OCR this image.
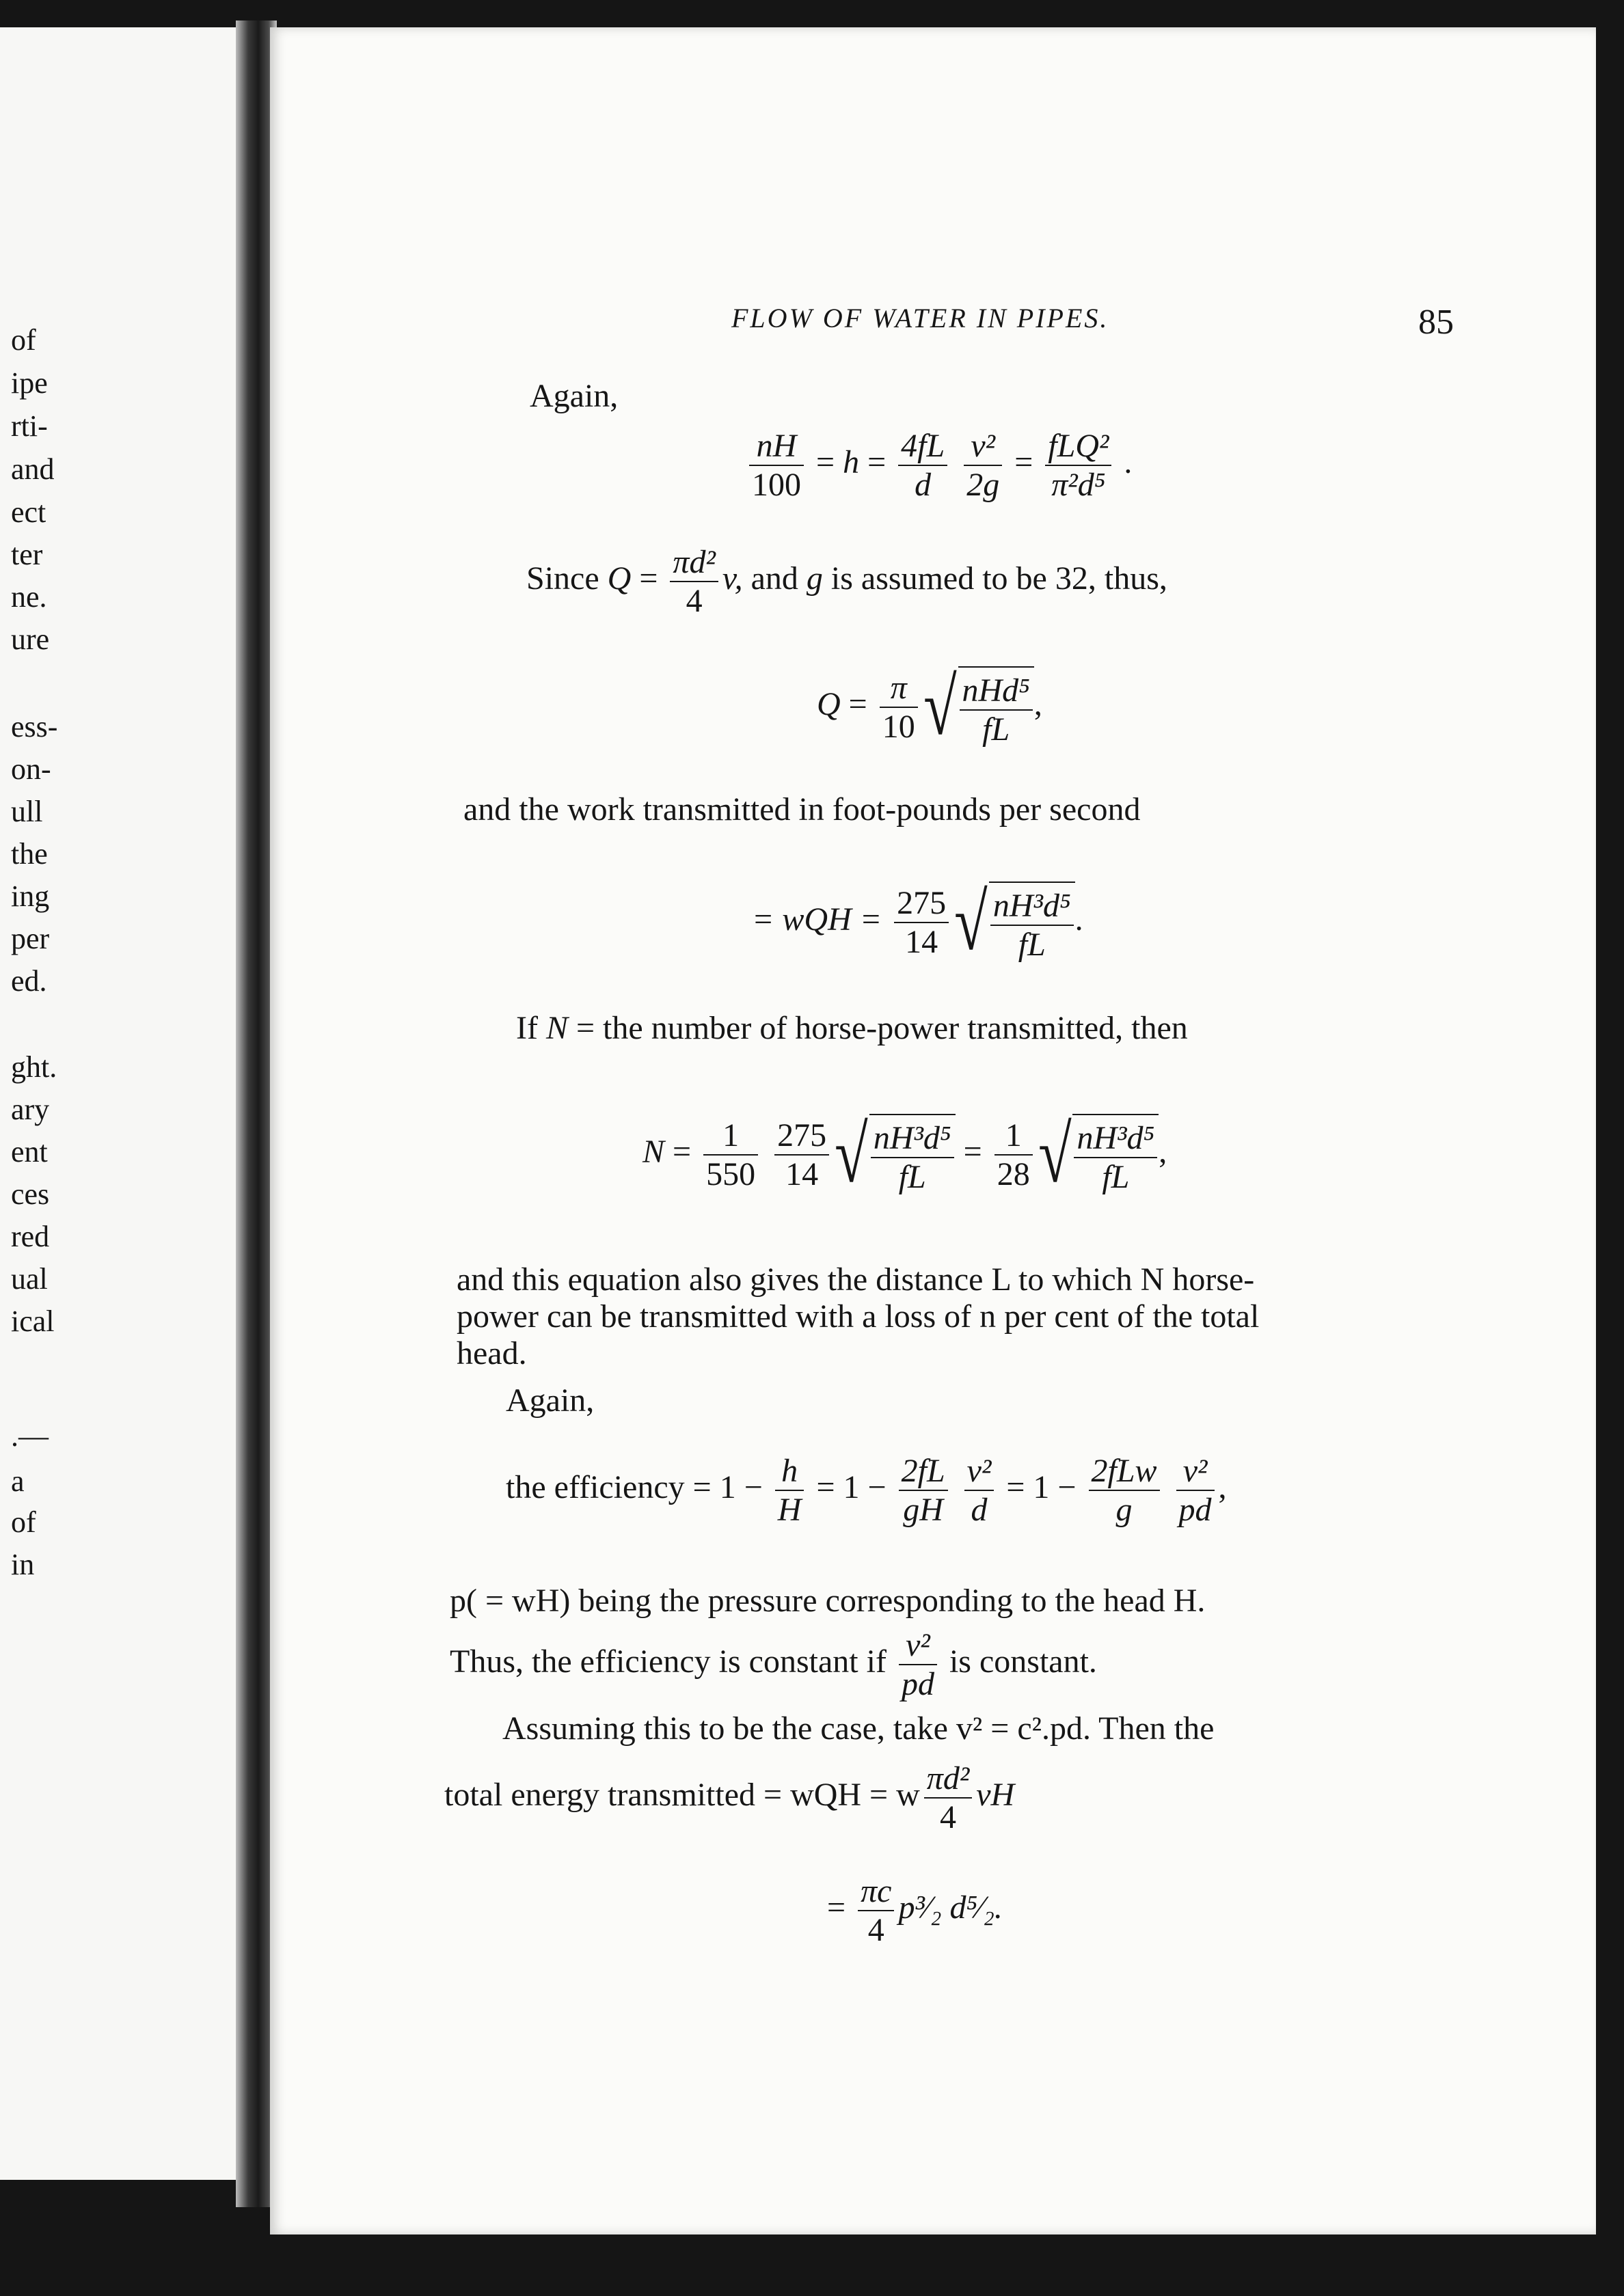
of
ipe
rti-
and
ect
ter
ne.
ure
ess-
on-
ull
the
ing
per
ed.
ght.
ary
ent
ces
red
ual
ical
.—
a
of
in
FLOW OF WATER IN PIPES.	85
Again,
$\frac{nH}{100} = h = \frac{4fL}{d}$
$\frac{\text{v²}}{2g} = \frac{\text{fLQ²}}{\text{π²d⁵}}$ .
Since $Q = \frac{\text{πd²}}{4} v$, and g is assumed to be 32, thus,
$Q = \frac{\pi}{10}$ √ $\frac{\text{nHd⁵}}{fL}$ ,
and the work transmitted in foot-pounds per second
= wQH = $\frac{275}{14}$ √ $\frac{\text{nH³d⁵}}{fL}$ .
If N = the number of horse-power transmitted, then
$N = \frac{1}{550}$
$\frac{275}{14}$ √ $\frac{\text{nH³d⁵}}{fL} = \frac{1}{28}$ √ $\frac{\text{nH³d⁵}}{fL}$ ,
and this equation also gives the distance L to which N horse-
power can be transmitted with a loss of n per cent of the total
head.
Again,
the efficiency = $1 - \frac{h}{H} = 1 - \frac{2fL}{gH}$
$\frac{\text{v²}}{d} = 1 - \frac{\text{2fLw}}{g}$
$\frac{\text{v²}}{pd}$ ,
p( = wH) being the pressure corresponding to the head H.
Thus, the efficiency is constant if $\frac{\text{v²}}{pd}$ is constant.
Assuming this to be the case, take v² = c².pd. Then the
total energy transmitted = wQH = w $\frac{\text{πd²}}{4}$ vH
= $\frac{\pi c}{4}$ p³⁄₂ d⁵⁄₂.
